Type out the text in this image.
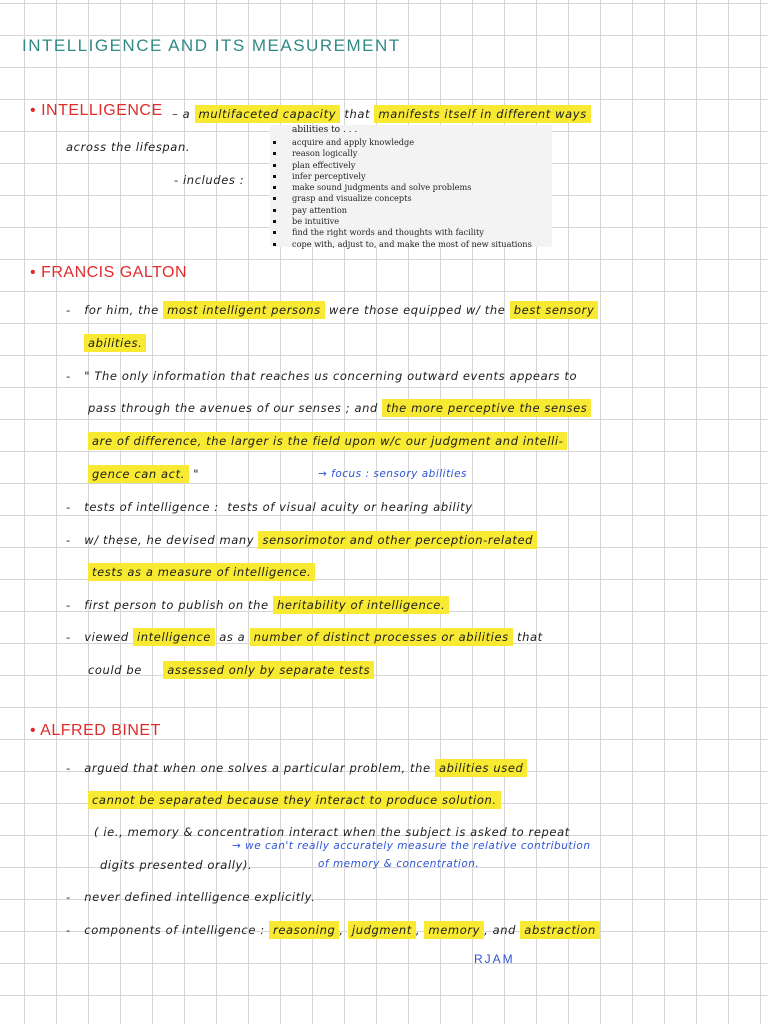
INTELLIGENCE AND ITS MEASUREMENT
• INTELLIGENCE – a multifaceted capacity that manifests itself in different ways
across the lifespan.
- includes :
abilities to . . .
acquire and apply knowledge
reason logically
plan effectively
infer perceptively
make sound judgments and solve problems
grasp and visualize concepts
pay attention
be intuitive
find the right words and thoughts with facility
cope with, adjust to, and make the most of new situations
• FRANCIS GALTON
- for him, the most intelligent persons were those equipped w/ the best sensory
abilities.
- " The only information that reaches us concerning outward events appears to
pass through the avenues of our senses ; and the more perceptive the senses
are of difference, the larger is the field upon w/c our judgment and intelli-
gence can act. "	→ focus : sensory abilities
- tests of intelligence : tests of visual acuity or hearing ability
- w/ these, he devised many sensorimotor and other perception-related
tests as a measure of intelligence.
- first person to publish on the heritability of intelligence.
- viewed intelligence as a number of distinct processes or abilities that
could be assessed only by separate tests
• ALFRED BINET
- argued that when one solves a particular problem, the abilities used
cannot be separated because they interact to produce solution.
( ie., memory & concentration interact when the subject is asked to repeat
→ we can't really accurately measure the relative contribution
digits presented orally).	of memory & concentration.
- never defined intelligence explicitly.
- components of intelligence : reasoning , judgment , memory , and abstraction
RJAM
